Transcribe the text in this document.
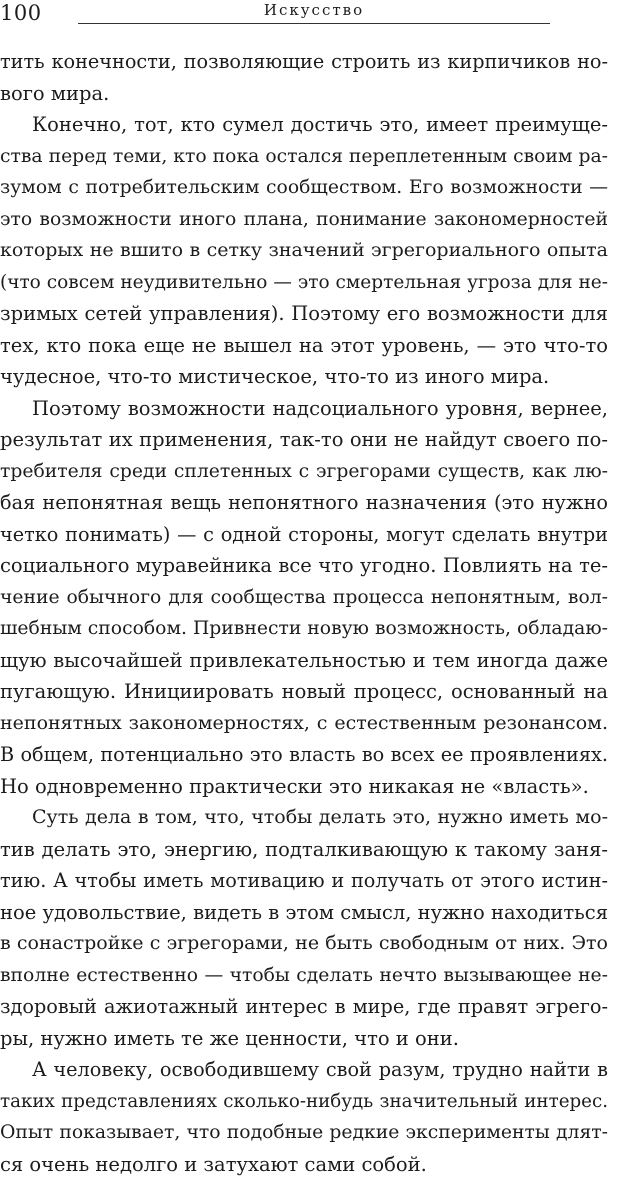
100	Искусство
тить конечности, позволяющие строить из кирпичиков но-
вого мира.
Конечно, тот, кто сумел достичь это, имеет преимуще-
ства перед теми, кто пока остался переплетенным своим ра-
зумом с потребительским сообществом. Его возможности —
это возможности иного плана, понимание закономерностей
которых не вшито в сетку значений эгрегориального опыта
(что совсем неудивительно — это смертельная угроза для не-
зримых сетей управления). Поэтому его возможности для
тех, кто пока еще не вышел на этот уровень, — это что-то
чудесное, что-то мистическое, что-то из иного мира.
Поэтому возможности надсоциального уровня, вернее,
результат их применения, так-то они не найдут своего по-
требителя среди сплетенных с эгрегорами существ, как лю-
бая непонятная вещь непонятного назначения (это нужно
четко понимать) — с одной стороны, могут сделать внутри
социального муравейника все что угодно. Повлиять на те-
чение обычного для сообщества процесса непонятным, вол-
шебным способом. Привнести новую возможность, обладаю-
щую высочайшей привлекательностью и тем иногда даже
пугающую. Инициировать новый процесс, основанный на
непонятных закономерностях, с естественным резонансом.
В общем, потенциально это власть во всех ее проявлениях.
Но одновременно практически это никакая не «власть».
Суть дела в том, что, чтобы делать это, нужно иметь мо-
тив делать это, энергию, подталкивающую к такому заня-
тию. А чтобы иметь мотивацию и получать от этого истин-
ное удовольствие, видеть в этом смысл, нужно находиться
в сонастройке с эгрегорами, не быть свободным от них. Это
вполне естественно — чтобы сделать нечто вызывающее не-
здоровый ажиотажный интерес в мире, где правят эгрего-
ры, нужно иметь те же ценности, что и они.
А человеку, освободившему свой разум, трудно найти в
таких представлениях сколько-нибудь значительный интерес.
Опыт показывает, что подобные редкие эксперименты длят-
ся очень недолго и затухают сами собой.
